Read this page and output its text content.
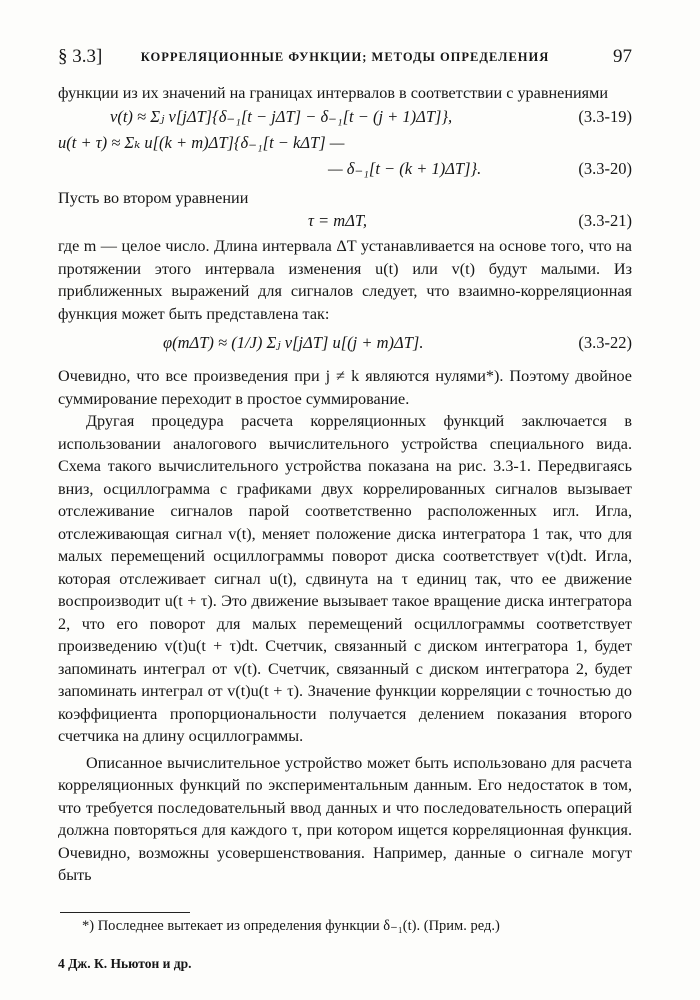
§ 3.3]	КОРРЕЛЯЦИОННЫЕ ФУНКЦИИ; МЕТОДЫ ОПРЕДЕЛЕНИЯ	97

функции из их значений на границах интервалов в соответствии с уравнениями

v(t) ≈ Σⱼ v[jΔT]{δ₋₁[t − jΔT] − δ₋₁[t − (j + 1)ΔT]},	(3.3-19)
u(t + τ) ≈ Σₖ u[(k + m)ΔT]{δ₋₁[t − kΔT] —
— δ₋₁[t − (k + 1)ΔT]}.	(3.3-20)

Пусть во втором уравнении

τ = mΔT,	(3.3-21)

где m — целое число. Длина интервала ΔT устанавливается на основе того, что на протяжении этого интервала изменения u(t) или v(t) будут малыми. Из приближенных выражений для сигналов следует, что взаимно-корреляционная функция может быть представлена так:

φ(mΔT) ≈ (1/J) Σⱼ v[jΔT] u[(j + m)ΔT].	(3.3-22)

Очевидно, что все произведения при j ≠ k являются нулями*). Поэтому двойное суммирование переходит в простое суммирование.

Другая процедура расчета корреляционных функций заключается в использовании аналогового вычислительного устройства специального вида. Схема такого вычислительного устройства показана на рис. 3.3-1. Передвигаясь вниз, осциллограмма с графиками двух коррелированных сигналов вызывает отслеживание сигналов парой соответственно расположенных игл. Игла, отслеживающая сигнал v(t), меняет положение диска интегратора 1 так, что для малых перемещений осциллограммы поворот диска соответствует v(t)dt. Игла, которая отслеживает сигнал u(t), сдвинута на τ единиц так, что ее движение воспроизводит u(t + τ). Это движение вызывает такое вращение диска интегратора 2, что его поворот для малых перемещений осциллограммы соответствует произведению v(t)u(t + τ)dt. Счетчик, связанный с диском интегратора 1, будет запоминать интеграл от v(t). Счетчик, связанный с диском интегратора 2, будет запоминать интеграл от v(t)u(t + τ). Значение функции корреляции с точностью до коэффициента пропорциональности получается делением показания второго счетчика на длину осциллограммы.

Описанное вычислительное устройство может быть использовано для расчета корреляционных функций по экспериментальным данным. Его недостаток в том, что требуется последовательный ввод данных и что последовательность операций должна повторяться для каждого τ, при котором ищется корреляционная функция. Очевидно, возможны усовершенствования. Например, данные о сигнале могут быть

*) Последнее вытекает из определения функции δ₋₁(t). (Прим. ред.)
4 Дж. К. Ньютон и др.
